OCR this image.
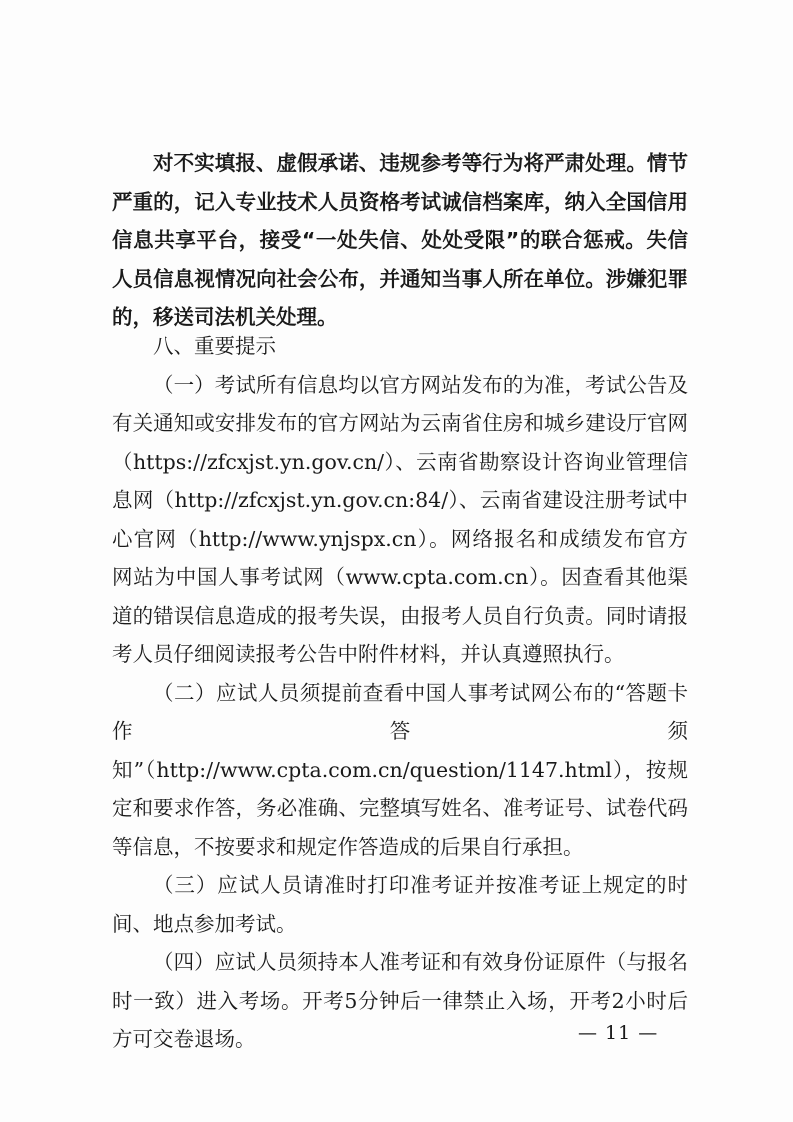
对不实填报、虚假承诺、违规参考等行为将严肃处理。情节严重的，记入专业技术人员资格考试诚信档案库，纳入全国信用信息共享平台，接受“一处失信、处处受限”的联合惩戒。失信人员信息视情况向社会公布，并通知当事人所在单位。涉嫌犯罪的，移送司法机关处理。

八、重要提示

（一）考试所有信息均以官方网站发布的为准，考试公告及有关通知或安排发布的官方网站为云南省住房和城乡建设厅官网（https://zfcxjst.yn.gov.cn/）、云南省勘察设计咨询业管理信息网（http://zfcxjst.yn.gov.cn:84/）、云南省建设注册考试中心官网（http://www.ynjspx.cn）。网络报名和成绩发布官方网站为中国人事考试网（www.cpta.com.cn）。因查看其他渠道的错误信息造成的报考失误，由报考人员自行负责。同时请报考人员仔细阅读报考公告中附件材料，并认真遵照执行。

（二）应试人员须提前查看中国人事考试网公布的“答题卡作答须知”（http://www.cpta.com.cn/question/1147.html），按规定和要求作答，务必准确、完整填写姓名、准考证号、试卷代码等信息，不按要求和规定作答造成的后果自行承担。

（三）应试人员请准时打印准考证并按准考证上规定的时间、地点参加考试。

（四）应试人员须持本人准考证和有效身份证原件（与报名时一致）进入考场。开考5分钟后一律禁止入场，开考2小时后方可交卷退场。	— 11 —
